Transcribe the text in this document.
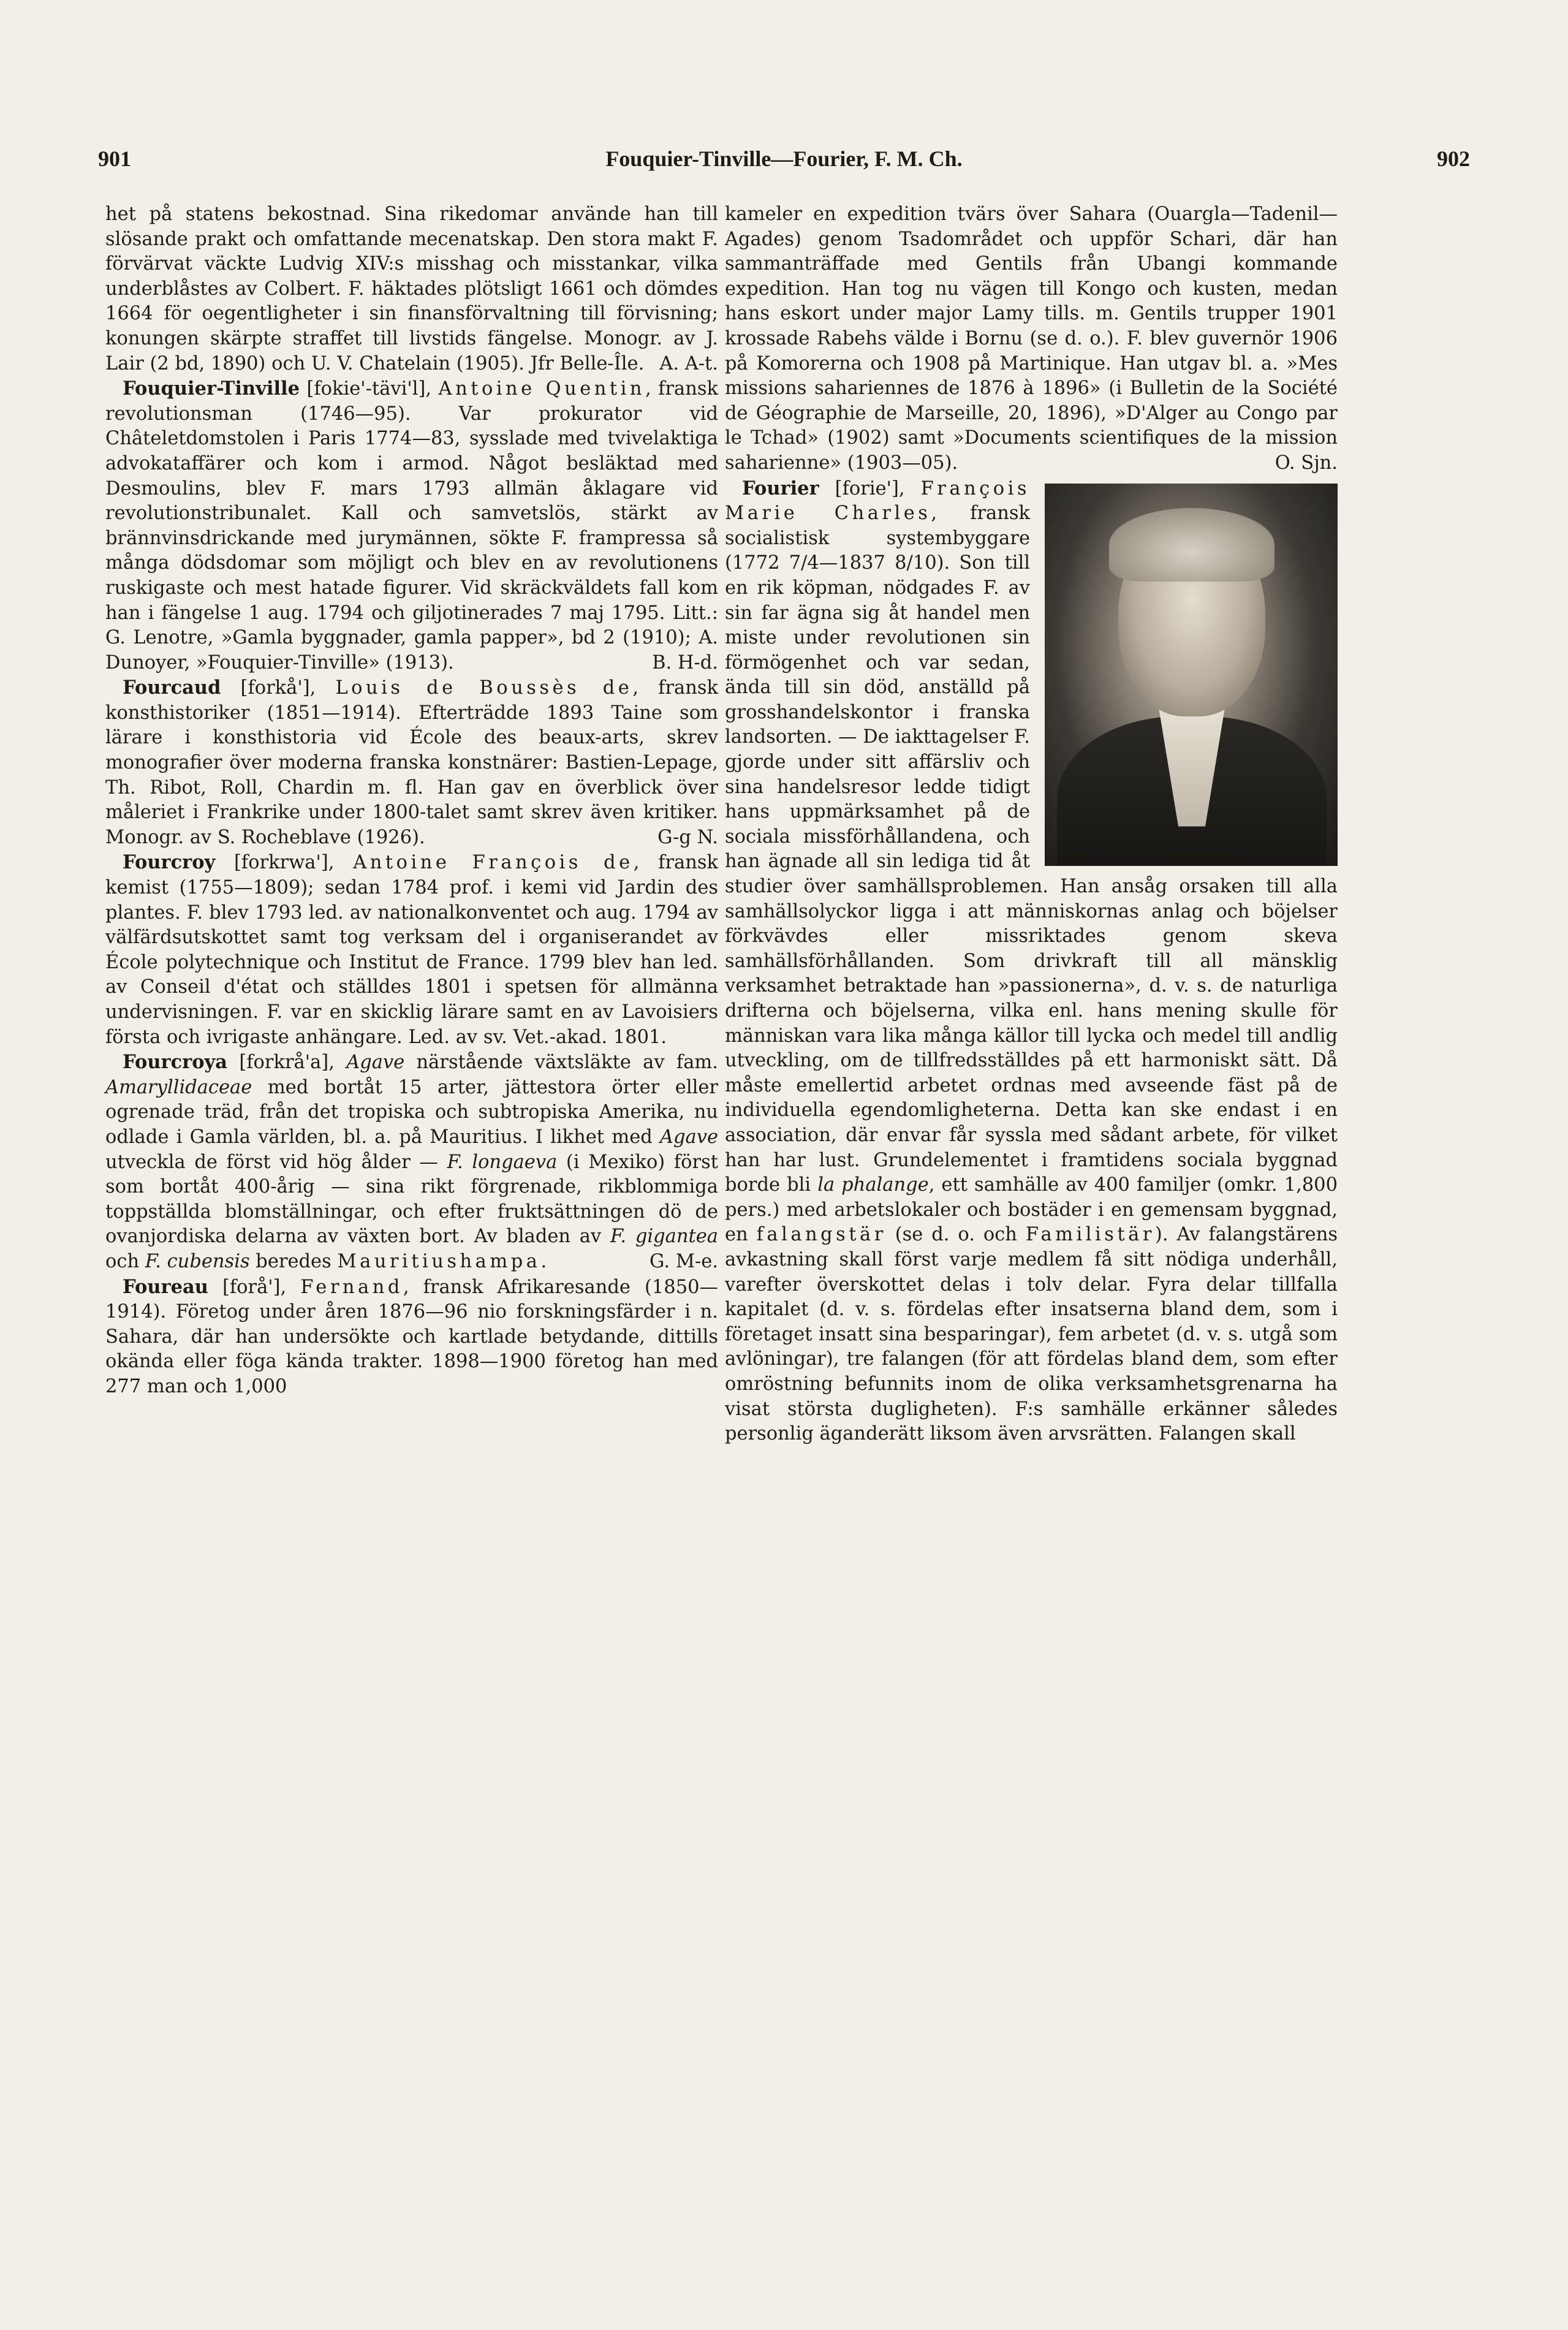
901	Fouquier-Tinville—Fourier, F. M. Ch.	902

het på statens bekostnad. Sina rikedomar användе han till slösande prakt och omfattande mecenatskap. Den stora makt F. förvärvat väckte Ludvig XIV:s misshag och misstankar, vilka underblåstes av Colbert. F. häktades plötsligt 1661 och dömdes 1664 för oegentligheter i sin finansförvaltning till förvisning; konungen skärpte straffet till livstids fängelse. Monogr. av J. Lair (2 bd, 1890) och U. V. Chatelain (1905). Jfr Belle-Île. A. A-t.

Fouquier-Tinville [fokie'-tävi'l], Antoine Quentin, fransk revolutionsman (1746—95). Var prokurator vid Châteletdomstolen i Paris 1774—83, sysslade med tvivelaktiga advokataffärer och kom i armod. Något besläktad med Desmoulins, blev F. mars 1793 allmän åklagare vid revolutionstribunalet. Kall och samvetslös, stärkt av brännvinsdrickande med jurymännen, sökte F. frampressa så många dödsdomar som möjligt och blev en av revolutionens ruskigaste och mest hatade figurer. Vid skräckväldets fall kom han i fängelse 1 aug. 1794 och giljotinerades 7 maj 1795. Litt.: G. Lenotre, »Gamla byggnader, gamla papper», bd 2 (1910); A. Dunoyer, »Fouquier-Tinville» (1913).	B. H-d.

Fourcaud [forkå'], Louis de Boussès de, fransk konsthistoriker (1851—1914). Efterträdde 1893 Taine som lärare i konsthistoria vid École des beaux-arts, skrev monografier över moderna franska konstnärer: Bastien-Lepage, Th. Ribot, Roll, Chardin m. fl. Han gav en överblick över måleriet i Frankrike under 1800-talet samt skrev även kritiker. Monogr. av S. Rocheblave (1926).	G-g N.

Fourcroy [forkrwa'], Antoine François de, fransk kemist (1755—1809); sedan 1784 prof. i kemi vid Jardin des plantes. F. blev 1793 led. av nationalkonventet och aug. 1794 av välfärdsutskottet samt tog verksam del i organiserandet av École polytechnique och Institut de France. 1799 blev han led. av Conseil d'état och ställdes 1801 i spetsen för allmänna undervisningen. F. var en skicklig lärare samt en av Lavoisiers första och ivrigaste anhängare. Led. av sv. Vet.-akad. 1801.

Fourcroya [forkrå'a], Agave närstående växtsläkte av fam. Amaryllidaceae med bortåt 15 arter, jättestora örter eller ogrenade träd, från det tropiska och subtropiska Amerika, nu odlade i Gamla världen, bl. a. på Mauritius. I likhet med Agave utveckla de först vid hög ålder — F. longaeva (i Mexiko) först som bortåt 400-årig — sina rikt förgrenade, rikblommiga toppställda blomställningar, och efter fruktsättningen dö de ovanjordiska delarna av växten bort. Av bladen av F. gigantea och F. cubensis beredes Mauritiushampa.	G. M-e.

Foureau [forå'], Fernand, fransk Afrikaresande (1850—1914). Företog under åren 1876—96 nio forskningsfärder i n. Sahara, där han undersökte och kartlade betydande, dittills okända eller föga kända trakter. 1898—1900 företog han med 277 man och 1,000

kameler en expedition tvärs över Sahara (Ouargla—Tadenil—Agades) genom Tsadområdet och uppför Schari, där han sammanträffade med Gentils från Ubangi kommande expedition. Han tog nu vägen till Kongo och kusten, medan hans eskort under major Lamy tills. m. Gentils trupper 1901 krossade Rabehs välde i Bornu (se d. o.). F. blev guvernör 1906 på Komorerna och 1908 på Martinique. Han utgav bl. a. »Mes missions sahariennes de 1876 à 1896» (i Bulletin de la Société de Géographie de Marseille, 20, 1896), »D'Alger au Congo par le Tchad» (1902) samt »Documents scientifiques de la mission saharienne» (1903—05).	O. Sjn.

Fourier [forie'], François Marie Charles, fransk socialistisk systembyggare (1772 7/4—1837 8/10). Son till en rik köpman, nödgades F. av sin far ägna sig åt handel men miste under revolutionen sin förmögenhet och var sedan, ända till sin död, anställd på grosshandelskontor i franska landsorten. — De iakttagelser F. gjorde under sitt affärsliv och sina handelsresor ledde tidigt hans uppmärksamhet på de sociala missförhållandena, och han ägnade all sin lediga tid åt studier över samhällsproblemen. Han ansåg orsaken till alla samhällsolyckor ligga i att människornas anlag och böjelser förkvävdes eller missriktades genom skeva samhällsförhållanden. Som drivkraft till all mänsklig verksamhet betraktade han »passionerna», d. v. s. de naturliga drifterna och böjelserna, vilka enl. hans mening skulle för människan vara lika många källor till lycka och medel till andlig utveckling, om de tillfredsställdes på ett harmoniskt sätt. Då måste emellertid arbetet ordnas med avseende fäst på de individuella egendomligheterna. Detta kan ske endast i en association, där envar får syssla med sådant arbete, för vilket han har lust. Grundelementet i framtidens sociala byggnad borde bli la phalange, ett samhälle av 400 familjer (omkr. 1,800 pers.) med arbetslokaler och bostäder i en gemensam byggnad, en falangstär (se d. o. och Familistär). Av falangstärens avkastning skall först varje medlem få sitt nödiga underhåll, varefter överskottet delas i tolv delar. Fyra delar tillfalla kapitalet (d. v. s. fördelas efter insatserna bland dem, som i företaget insatt sina besparingar), fem arbetet (d. v. s. utgå som avlöningar), tre falangen (för att fördelas bland dem, som efter omröstning befunnits inom de olika verksamhetsgrenarna ha visat största dugligheten). F:s samhälle erkänner således personlig äganderätt liksom även arvsrätten. Falangen skall
